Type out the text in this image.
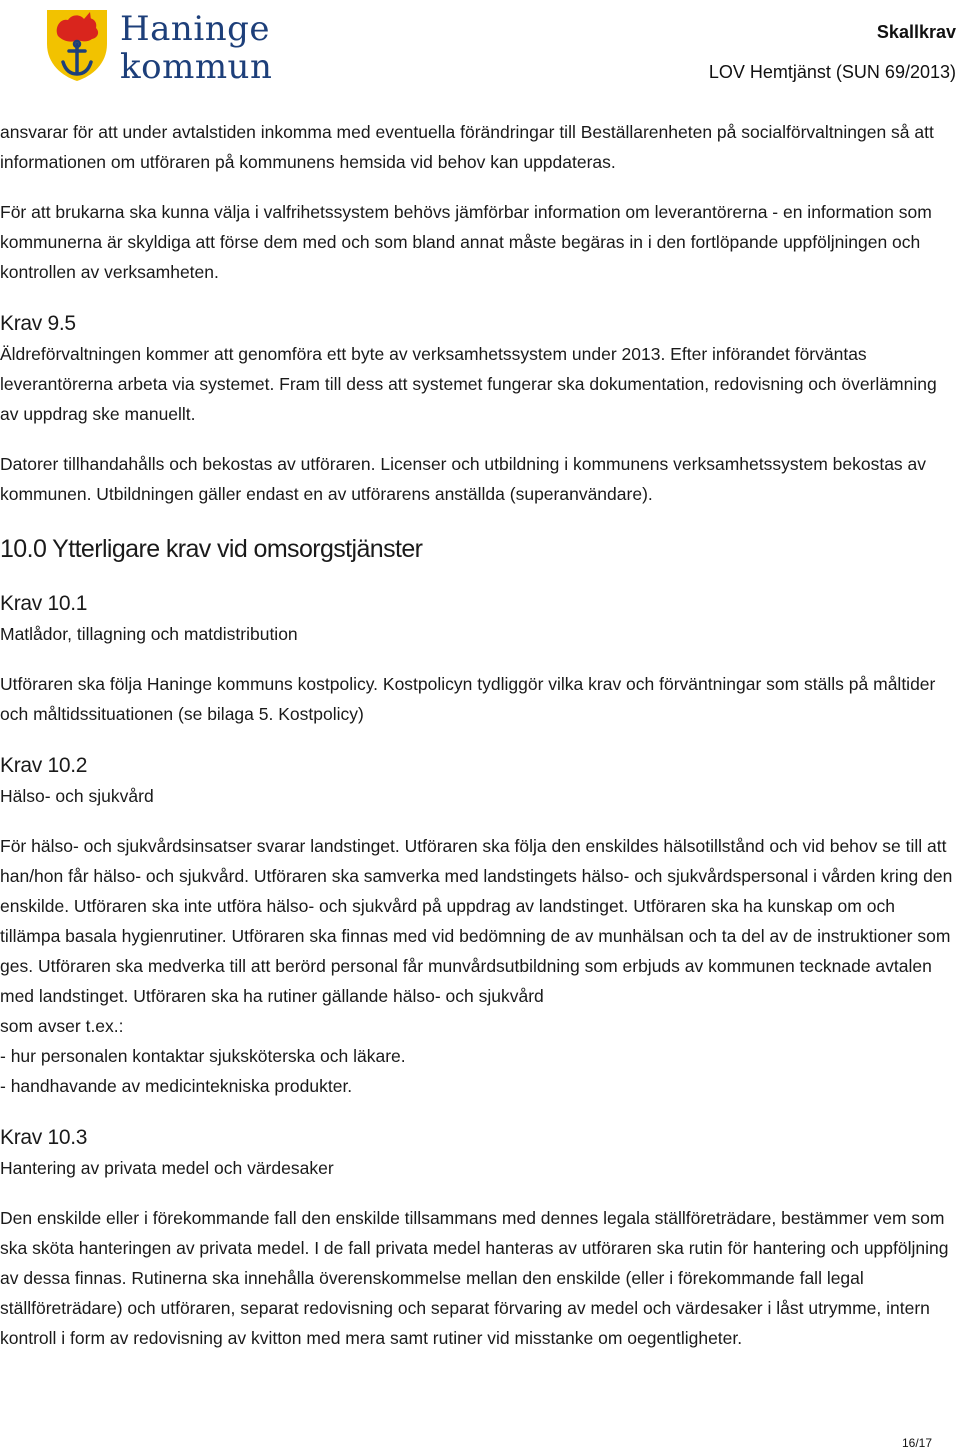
Haninge
kommun
Skallkrav
LOV Hemtjänst (SUN 69/2013)

ansvarar för att under avtalstiden inkomma med eventuella förändringar till Beställarenheten på socialförvaltningen så att informationen om utföraren på kommunens hemsida vid behov kan uppdateras.

För att brukarna ska kunna välja i valfrihetssystem behövs jämförbar information om leverantörerna - en information som kommunerna är skyldiga att förse dem med och som bland annat måste begäras in i den fortlöpande uppföljningen och kontrollen av verksamheten.

Krav 9.5

Äldreförvaltningen kommer att genomföra ett byte av verksamhetssystem under 2013. Efter införandet förväntas leverantörerna arbeta via systemet. Fram till dess att systemet fungerar ska dokumentation, redovisning och överlämning av uppdrag ske manuellt.

Datorer tillhandahålls och bekostas av utföraren. Licenser och utbildning i kommunens verksamhetssystem bekostas av kommunen. Utbildningen gäller endast en av utförarens anställda (superanvändare).

10.0 Ytterligare krav vid omsorgstjänster
Krav 10.1

Matlådor, tillagning och matdistribution

Utföraren ska följa Haninge kommuns kostpolicy. Kostpolicyn tydliggör vilka krav och förväntningar som ställs på måltider och måltidssituationen (se bilaga 5. Kostpolicy)

Krav 10.2

Hälso- och sjukvård

För hälso- och sjukvårdsinsatser svarar landstinget. Utföraren ska följa den enskildes hälsotillstånd och vid behov se till att han/hon får hälso- och sjukvård. Utföraren ska samverka med landstingets hälso- och sjukvårdspersonal i vården kring den enskilde. Utföraren ska inte utföra hälso- och sjukvård på uppdrag av landstinget. Utföraren ska ha kunskap om och tillämpa basala hygienrutiner. Utföraren ska finnas med vid bedömning de av munhälsan och ta del av de instruktioner som ges. Utföraren ska medverka till att berörd personal får munvårdsutbildning som erbjuds av kommunen tecknade avtalen med landstinget. Utföraren ska ha rutiner gällande hälso- och sjukvård

som avser t.ex.:

- hur personalen kontaktar sjuksköterska och läkare.

- handhavande av medicintekniska produkter.

Krav 10.3

Hantering av privata medel och värdesaker

Den enskilde eller i förekommande fall den enskilde tillsammans med dennes legala ställföreträdare, bestämmer vem som ska sköta hanteringen av privata medel. I de fall privata medel hanteras av utföraren ska rutin för hantering och uppföljning av dessa finnas. Rutinerna ska innehålla överenskommelse mellan den enskilde (eller i förekommande fall legal ställföreträdare) och utföraren, separat redovisning och separat förvaring av medel och värdesaker i låst utrymme, intern kontroll i form av redovisning av kvitton med mera samt rutiner vid misstanke om oegentligheter.

16/17
